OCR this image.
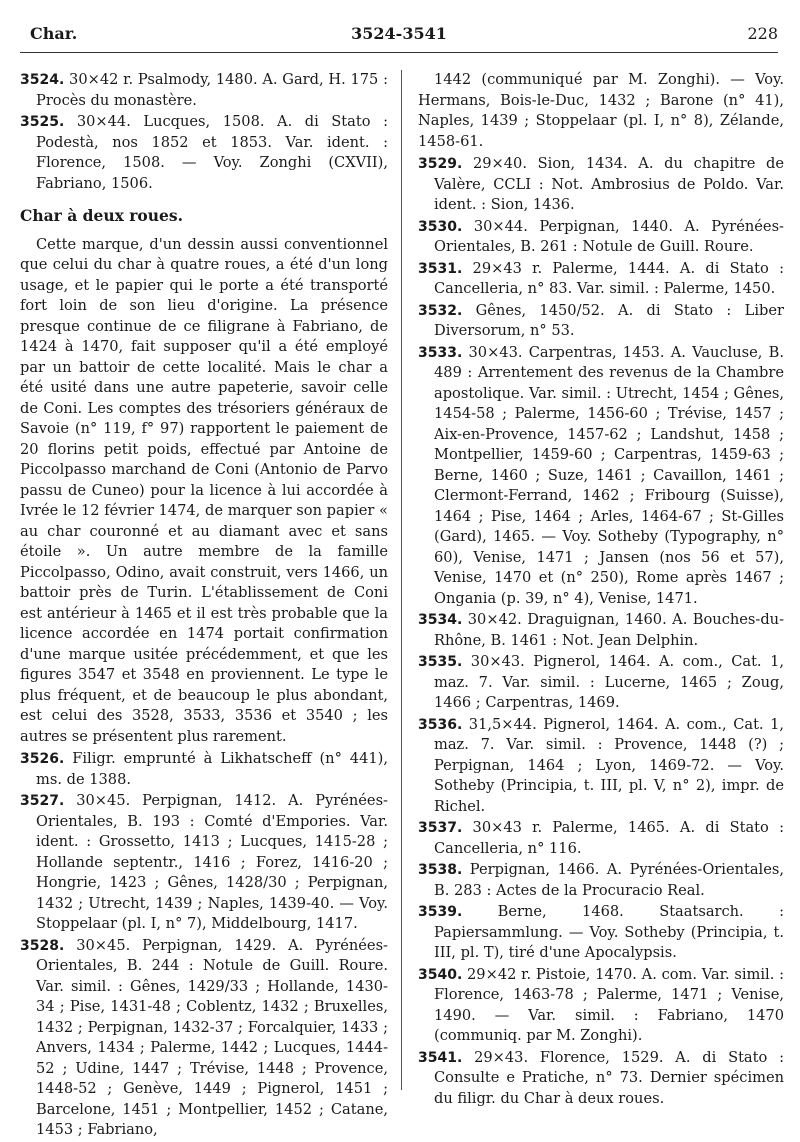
Char.	3524-3541	228
3524. 30×42 r. Psalmody, 1480. A. Gard, H. 175 : Procès du monastère.
3525. 30×44. Lucques, 1508. A. di Stato : Podestà, nos 1852 et 1853. Var. ident. : Florence, 1508. — Voy. Zonghi (CXVII), Fabriano, 1506.
Char à deux roues.

Cette marque, d'un dessin aussi conventionnel que celui du char à quatre roues, a été d'un long usage, et le papier qui le porte a été transporté fort loin de son lieu d'origine. La présence presque continue de ce filigrane à Fabriano, de 1424 à 1470, fait supposer qu'il a été employé par un battoir de cette localité. Mais le char a été usité dans une autre papeterie, savoir celle de Coni. Les comptes des trésoriers généraux de Savoie (n° 119, f° 97) rapportent le paiement de 20 florins petit poids, effectué par Antoine de Piccolpasso marchand de Coni (Antonio de Parvo passu de Cuneo) pour la licence à lui accordée à Ivrée le 12 février 1474, de marquer son papier « au char couronné et au diamant avec et sans étoile ». Un autre membre de la famille Piccolpasso, Odino, avait construit, vers 1466, un battoir près de Turin. L'établissement de Coni est antérieur à 1465 et il est très probable que la licence accordée en 1474 portait confirmation d'une marque usitée précédemment, et que les figures 3547 et 3548 en proviennent. Le type le plus fréquent, et de beaucoup le plus abondant, est celui des 3528, 3533, 3536 et 3540 ; les autres se présentent plus rarement.

3526. Filigr. emprunté à Likhatscheff (n° 441), ms. de 1388.
3527. 30×45. Perpignan, 1412. A. Pyrénées-Orientales, B. 193 : Comté d'Empories. Var. ident. : Grossetto, 1413 ; Lucques, 1415-28 ; Hollande septentr., 1416 ; Forez, 1416-20 ; Hongrie, 1423 ; Gênes, 1428/30 ; Perpignan, 1432 ; Utrecht, 1439 ; Naples, 1439-40. — Voy. Stoppelaar (pl. I, n° 7), Middelbourg, 1417.
3528. 30×45. Perpignan, 1429. A. Pyrénées-Orientales, B. 244 : Notule de Guill. Roure. Var. simil. : Gênes, 1429/33 ; Hollande, 1430-34 ; Pise, 1431-48 ; Coblentz, 1432 ; Bruxelles, 1432 ; Perpignan, 1432-37 ; Forcalquier, 1433 ; Anvers, 1434 ; Palerme, 1442 ; Lucques, 1444-52 ; Udine, 1447 ; Trévise, 1448 ; Provence, 1448-52 ; Genève, 1449 ; Pignerol, 1451 ; Barcelone, 1451 ; Montpellier, 1452 ; Catane, 1453 ; Fabriano,

1442 (communiqué par M. Zonghi). — Voy. Hermans, Bois-le-Duc, 1432 ; Barone (n° 41), Naples, 1439 ; Stoppelaar (pl. I, n° 8), Zélande, 1458-61.

3529. 29×40. Sion, 1434. A. du chapitre de Valère, CCLI : Not. Ambrosius de Poldo. Var. ident. : Sion, 1436.
3530. 30×44. Perpignan, 1440. A. Pyrénées-Orientales, B. 261 : Notule de Guill. Roure.
3531. 29×43 r. Palerme, 1444. A. di Stato : Cancelleria, n° 83. Var. simil. : Palerme, 1450.
3532. Gênes, 1450/52. A. di Stato : Liber Diversorum, n° 53.
3533. 30×43. Carpentras, 1453. A. Vaucluse, B. 489 : Arrentement des revenus de la Chambre apostolique. Var. simil. : Utrecht, 1454 ; Gênes, 1454-58 ; Palerme, 1456-60 ; Trévise, 1457 ; Aix-en-Provence, 1457-62 ; Landshut, 1458 ; Montpellier, 1459-60 ; Carpentras, 1459-63 ; Berne, 1460 ; Suze, 1461 ; Cavaillon, 1461 ; Clermont-Ferrand, 1462 ; Fribourg (Suisse), 1464 ; Pise, 1464 ; Arles, 1464-67 ; St-Gilles (Gard), 1465. — Voy. Sotheby (Typography, n° 60), Venise, 1471 ; Jansen (nos 56 et 57), Venise, 1470 et (n° 250), Rome après 1467 ; Ongania (p. 39, n° 4), Venise, 1471.
3534. 30×42. Draguignan, 1460. A. Bouches-du-Rhône, B. 1461 : Not. Jean Delphin.
3535. 30×43. Pignerol, 1464. A. com., Cat. 1, maz. 7. Var. simil. : Lucerne, 1465 ; Zoug, 1466 ; Carpentras, 1469.
3536. 31,5×44. Pignerol, 1464. A. com., Cat. 1, maz. 7. Var. simil. : Provence, 1448 (?) ; Perpignan, 1464 ; Lyon, 1469-72. — Voy. Sotheby (Principia, t. III, pl. V, n° 2), impr. de Richel.
3537. 30×43 r. Palerme, 1465. A. di Stato : Cancelleria, n° 116.
3538. Perpignan, 1466. A. Pyrénées-Orientales, B. 283 : Actes de la Procuracio Real.
3539. Berne, 1468. Staatsarch. : Papiersammlung. — Voy. Sotheby (Principia, t. III, pl. T), tiré d'une Apocalypsis.
3540. 29×42 r. Pistoie, 1470. A. com. Var. simil. : Florence, 1463-78 ; Palerme, 1471 ; Venise, 1490. — Var. simil. : Fabriano, 1470 (communiq. par M. Zonghi).
3541. 29×43. Florence, 1529. A. di Stato : Consulte e Pratiche, n° 73. Dernier spécimen du filigr. du Char à deux roues.
